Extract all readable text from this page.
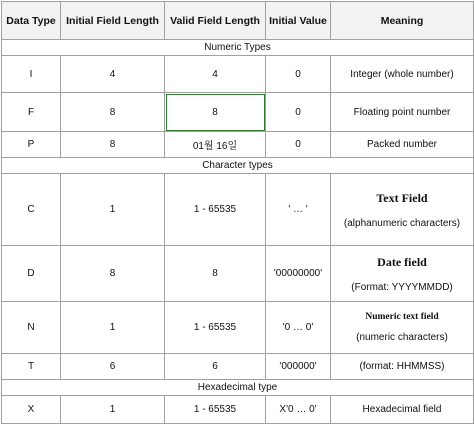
Data Type	Initial Field Length	Valid Field Length	Initial Value	Meaning
Numeric Types				
I	4	4	0	Integer (whole number)
F	8	8	0	Floating point number
P	8	01월 16일	0	Packed number
Character types				
C	1	1 - 65535	' … '	Text Field
(alphanumeric characters)

D	8	8	'00000000'	Date field
(Format: YYYYMMDD)

N	1	1 - 65535	'0 … 0'	Numeric text field
(numeric characters)

T	6	6	'000000'	(format: HHMMSS)
Hexadecimal type				
X	1	1 - 65535	X'0 … 0'	Hexadecimal field
